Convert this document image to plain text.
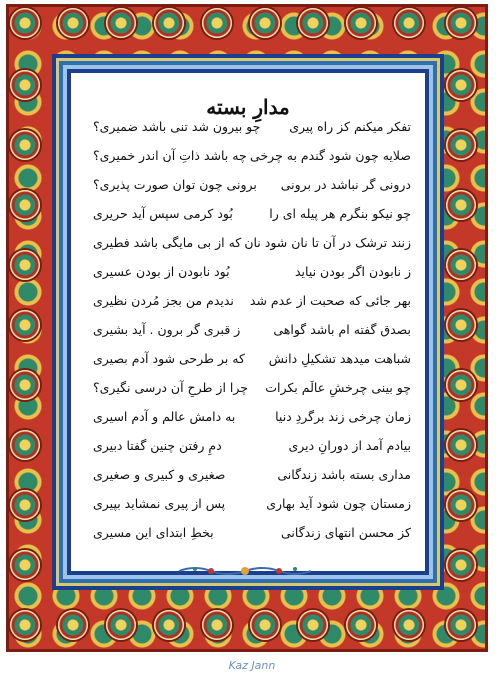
مدارِ بسته
تفکر میکنم کز راه پیری
چو بیرون شد تنی باشد ضمیری؟
صلایه چون شود گندم به چرخی
چه باشد ذاتِ آن اندر خمیری؟
درونی گر نباشد در برونی
برونی چون توان صورت پذیری؟
چو نیکو بنگرم هر پیله ای را
بُود کرمی سپس آید حریری
زنند ترشک در آن تا نان شود نان
که از بی مایگی باشد فطیری
ز نابودن اگر بودن نیاید
بُود نابودن از بودن عسیری
بهر جائی که صحبت از عدم شد
ندیدم من بجز مُردن نظیری
بصدق گفته ام باشد گواهی
ز قبری گر برون . آید بشیری
شباهت میدهد تشکیلِ دانش
که بر طرحی شود آدم بصیری
چو بینی چرخشِ عالَم بکرات
چرا از طرحِ آن درسی نگیری؟
زمان چرخی زند برگردِ دنیا
به دامش عالم و آدم اسیری
بیادم آمد از دورانِ دیری
دمِ رفتن چنین گفتا دبیری
مداری بسته باشد زندگانی
صغیری و کبیری و صغیری
زمستان چون شود آید بهاری
پس از پیری نمشاید بپیری
کز محسن انتهای زندگانی
بخطِ ابتدای این مسیری
Kaz Jann
